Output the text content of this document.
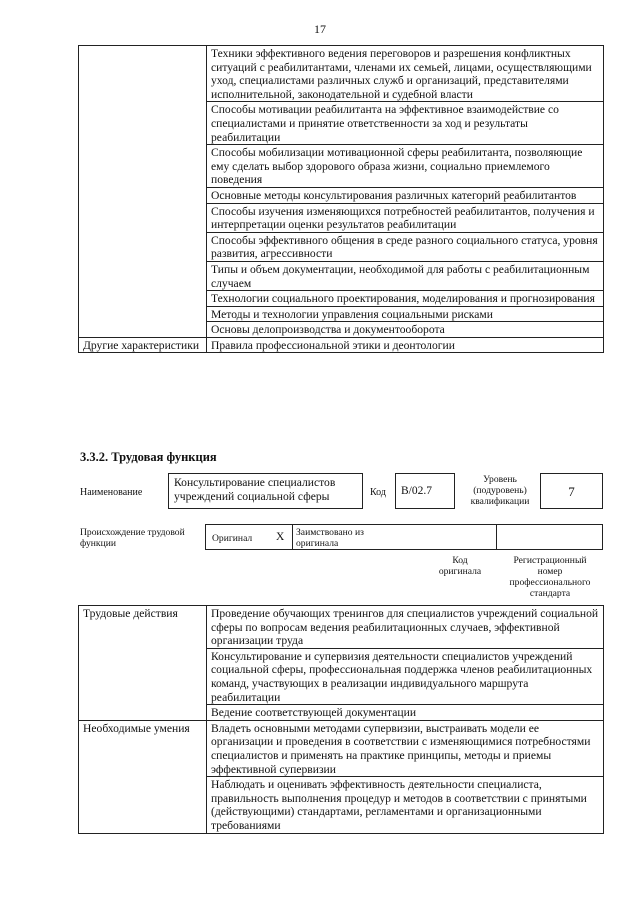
17
	Техники эффективного ведения переговоров и разрешения конфликтных ситуаций с реабилитантами, членами их семьей, лицами, осуществляющими уход, специалистами различных служб и организаций, представителями исполнительной, законодательной и судебной власти
	Способы мотивации реабилитанта на эффективное взаимодействие со специалистами и принятие ответственности за ход и результаты реабилитации
	Способы мобилизации мотивационной сферы реабилитанта, позволяющие ему сделать выбор здорового образа жизни, социально приемлемого поведения
	Основные методы консультирования различных категорий реабилитантов
	Способы изучения изменяющихся потребностей реабилитантов, получения и интерпретации оценки результатов реабилитации
	Способы эффективного общения в среде разного социального статуса, уровня развития, агрессивности
	Типы и объем документации, необходимой для работы с реабилитационным случаем
	Технологии социального проектирования, моделирования и прогнозирования
	Методы и технологии управления социальными рисками
	Основы делопроизводства и документооборота
Другие характеристики	Правила профессиональной этики и деонтологии
3.3.2. Трудовая функция
Наименование
Консультирование специалистов учреждений социальной сферы	Код B/02.7
Уровень (подуровень) квалификации
7
Происхождение трудовой функции	Оригинал X Заимствовано из оригинала
Код оригинала
Регистрационный номер профессионального стандарта
Трудовые действия	Проведение обучающих тренингов для специалистов учреждений социальной сферы по вопросам ведения реабилитационных случаев, эффективной организации труда
	Консультирование и супервизия деятельности специалистов учреждений социальной сферы, профессиональная поддержка членов реабилитационных команд, участвующих в реализации индивидуального маршрута реабилитации
	Ведение соответствующей документации
Необходимые умения	Владеть основными методами супервизии, выстраивать модели ее организации и проведения в соответствии с изменяющимися потребностями специалистов и применять на практике принципы, методы и приемы эффективной супервизии
	Наблюдать и оценивать эффективность деятельности специалиста, правильность выполнения процедур и методов в соответствии с принятыми (действующими) стандартами, регламентами и организационными требованиями
